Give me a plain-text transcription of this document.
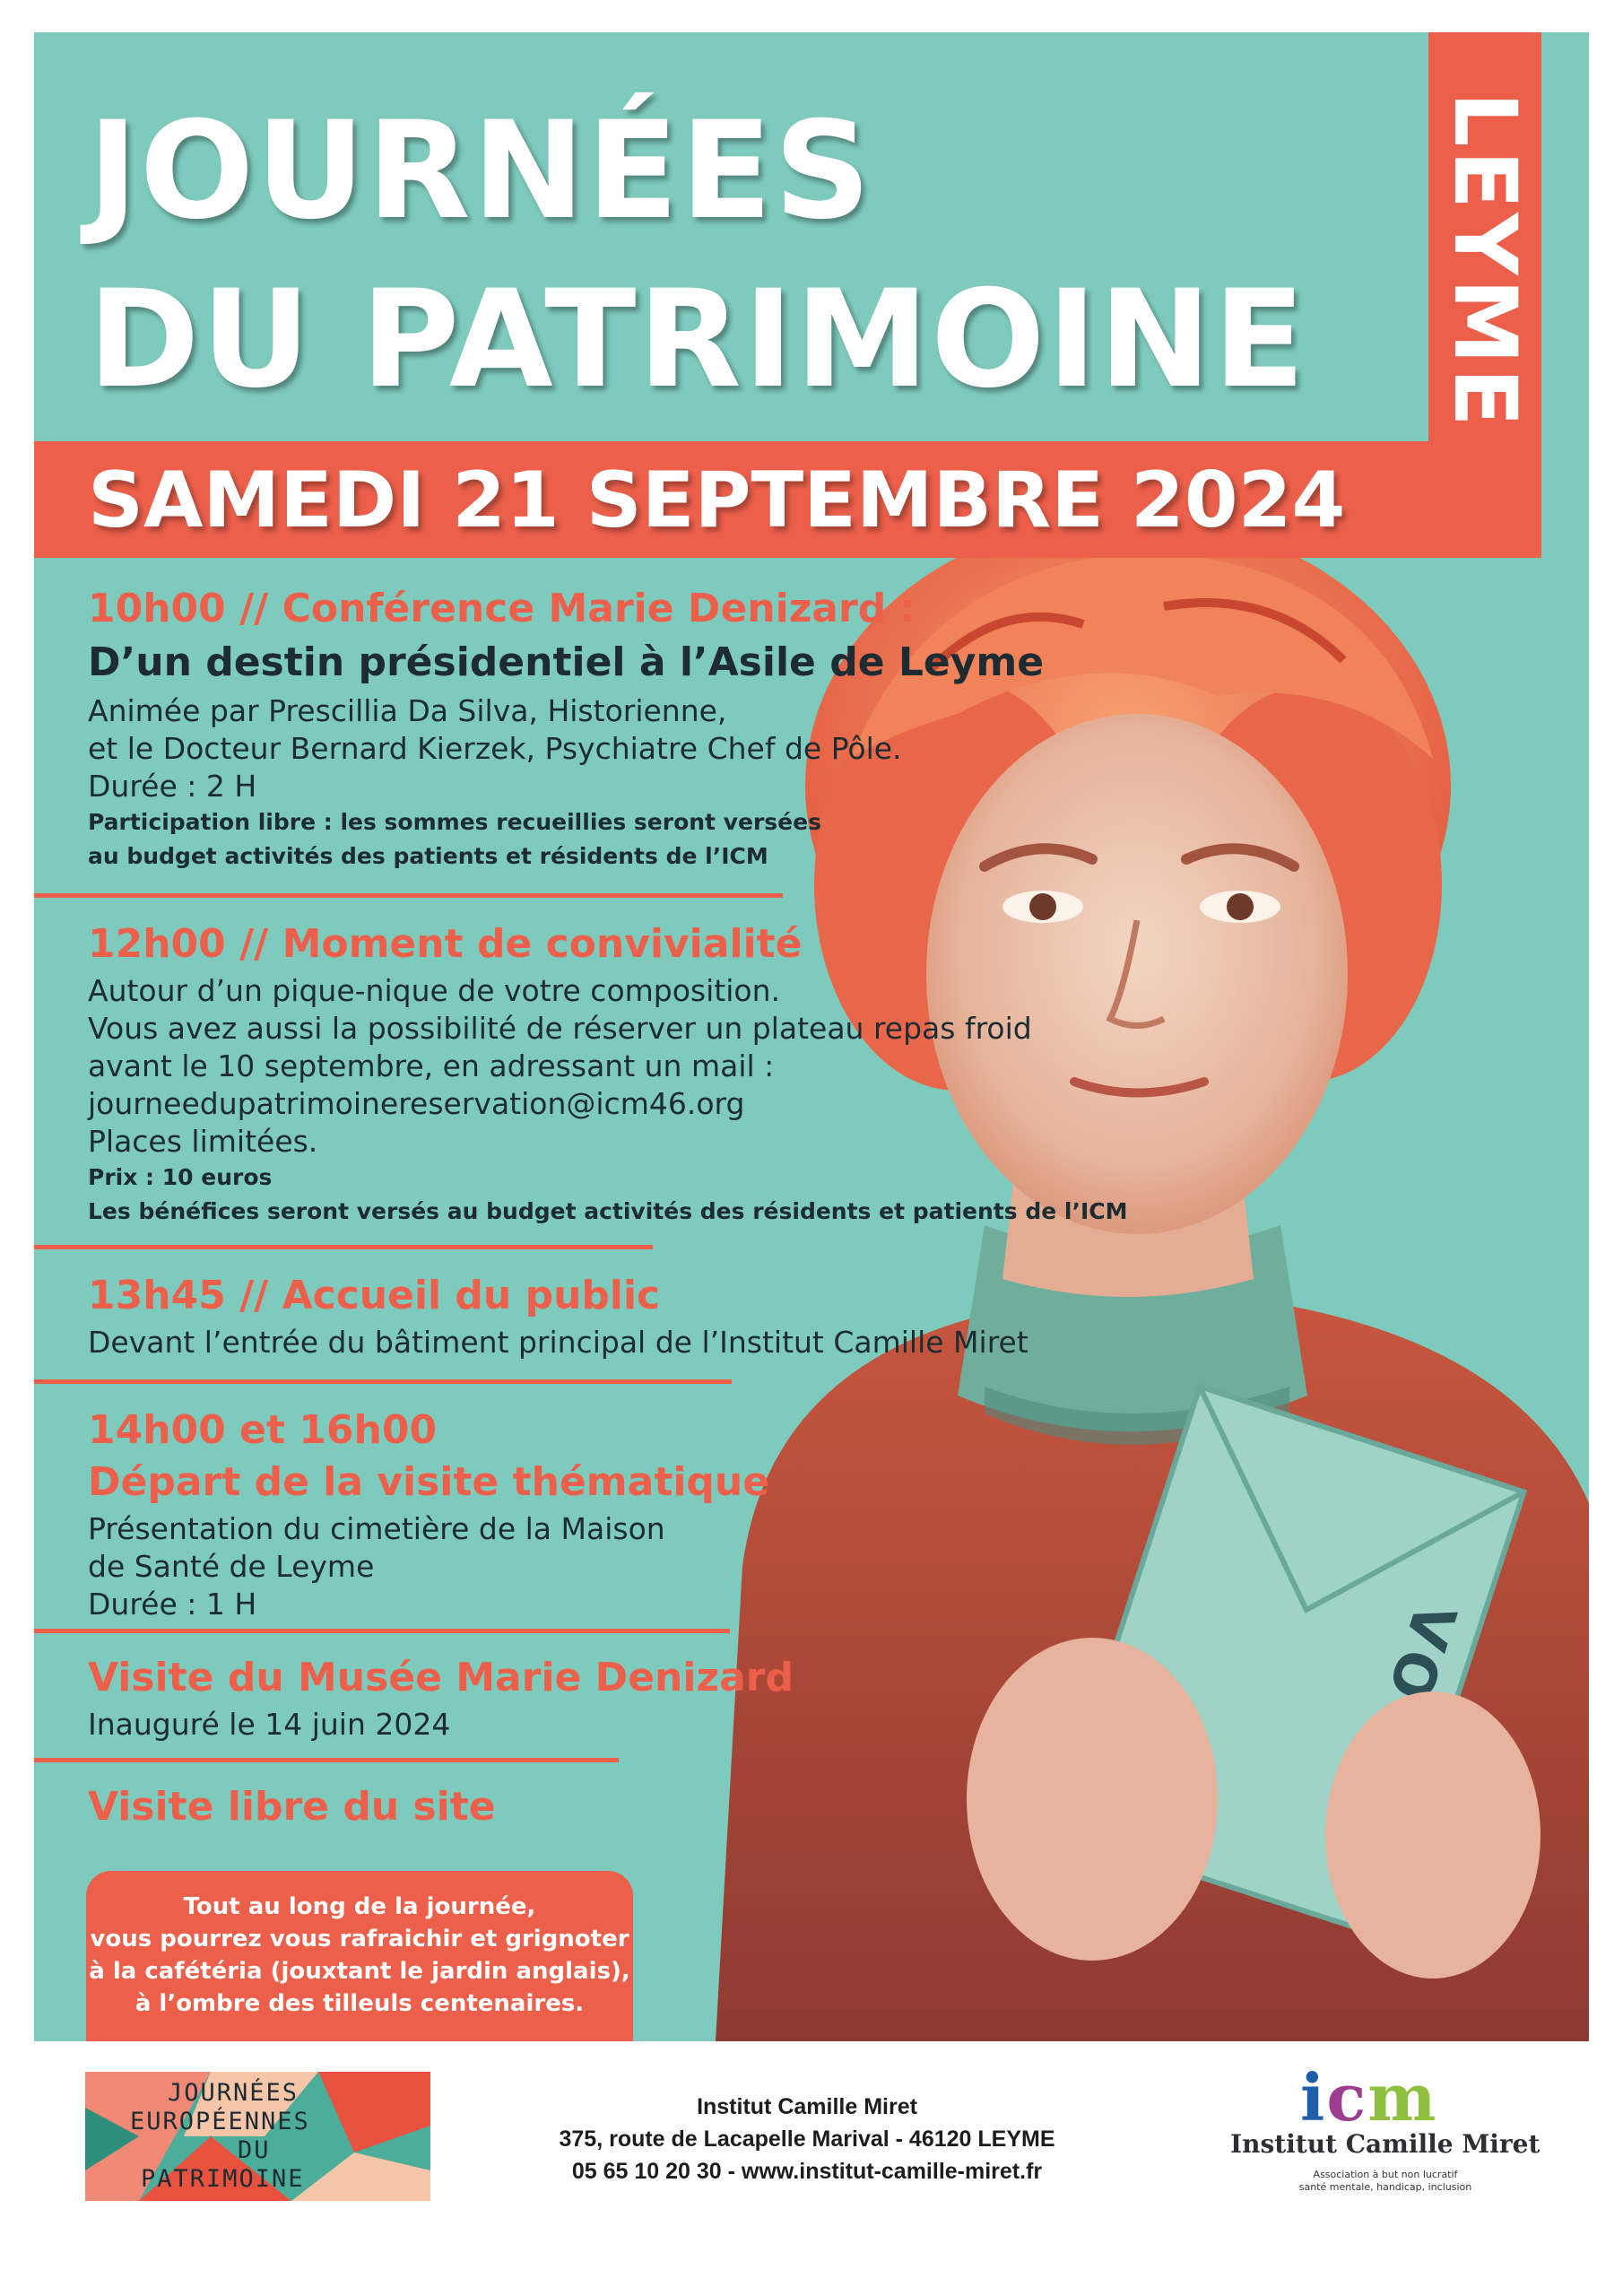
JOURNÉES
DU PATRIMOINE LEYME
SAMEDI 21 SEPTEMBRE 2024
10h00 // Conférence Marie Denizard :
D’un destin présidentiel à l’Asile de Leyme
Animée par Prescillia Da Silva, Historienne,
et le Docteur Bernard Kierzek, Psychiatre Chef de Pôle.
Durée : 2 H
Participation libre : les sommes recueillies seront versées
au budget activités des patients et résidents de l’ICM
12h00 // Moment de convivialité
Autour d’un pique-nique de votre composition.
Vous avez aussi la possibilité de réserver un plateau repas froid
avant le 10 septembre, en adressant un mail :
journeedupatrimoinereservation@icm46.org
Places limitées.
Prix : 10 euros
Les bénéfices seront versés au budget activités des résidents et patients de l’ICM
13h45 // Accueil du public
Devant l’entrée du bâtiment principal de l’Institut Camille Miret
14h00 et 16h00
Départ de la visite thématique
Présentation du cimetière de la Maison
de Santé de Leyme
Durée : 1 H
Visite du Musée Marie Denizard
Inauguré le 14 juin 2024
Visite libre du site
Tout au long de la journée,
vous pourrez vous rafraichir et grignoter
à la cafétéria (jouxtant le jardin anglais),
à l’ombre des tilleuls centenaires.
JOURNÉES
EUROPÉENNES
DU
PATRIMOINE
Institut Camille Miret
375, route de Lacapelle Marival - 46120 LEYME
05 65 10 20 30 - www.institut-camille-miret.fr
icm
Institut Camille Miret
Association à but non lucratif
santé mentale, handicap, inclusion
